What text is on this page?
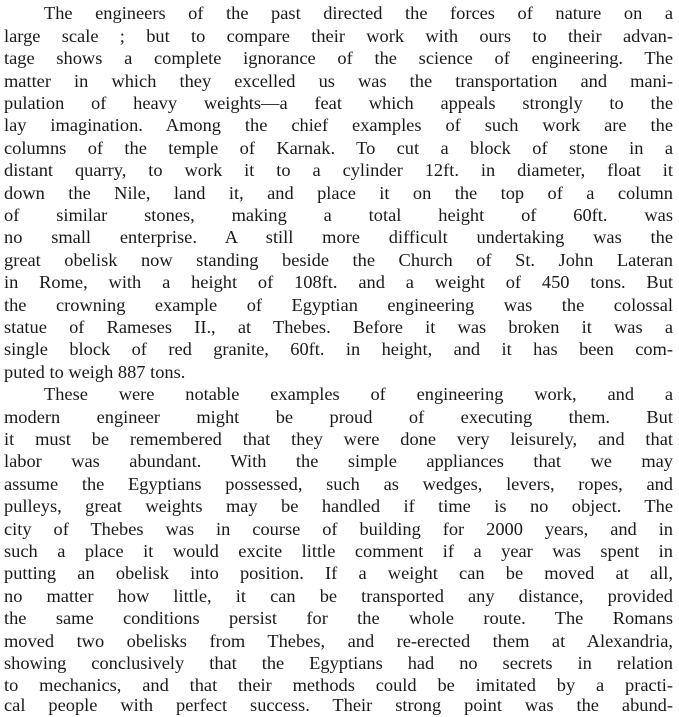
The engineers of the past directed the forces of nature on a
large scale ; but to compare their work with ours to their advan-
tage shows a complete ignorance of the science of engineering. The
matter in which they excelled us was the transportation and mani-
pulation of heavy weights—a feat which appeals strongly to the
lay imagination. Among the chief examples of such work are the
columns of the temple of Karnak. To cut a block of stone in a
distant quarry, to work it to a cylinder 12ft. in diameter, float it
down the Nile, land it, and place it on the top of a column
of similar stones, making a total height of 60ft. was
no small enterprise. A still more difficult undertaking was the
great obelisk now standing beside the Church of St. John Lateran
in Rome, with a height of 108ft. and a weight of 450 tons. But
the crowning example of Egyptian engineering was the colossal
statue of Rameses II., at Thebes. Before it was broken it was a
single block of red granite, 60ft. in height, and it has been com-
puted to weigh 887 tons.
These were notable examples of engineering work, and a
modern engineer might be proud of executing them. But
it must be remembered that they were done very leisurely, and that
labor was abundant. With the simple appliances that we may
assume the Egyptians possessed, such as wedges, levers, ropes, and
pulleys, great weights may be handled if time is no object. The
city of Thebes was in course of building for 2000 years, and in
such a place it would excite little comment if a year was spent in
putting an obelisk into position. If a weight can be moved at all,
no matter how little, it can be transported any distance, provided
the same conditions persist for the whole route. The Romans
moved two obelisks from Thebes, and re-erected them at Alexandria,
showing conclusively that the Egyptians had no secrets in relation
to mechanics, and that their methods could be imitated by a practi-
cal people with perfect success. Their strong point was the abund-
